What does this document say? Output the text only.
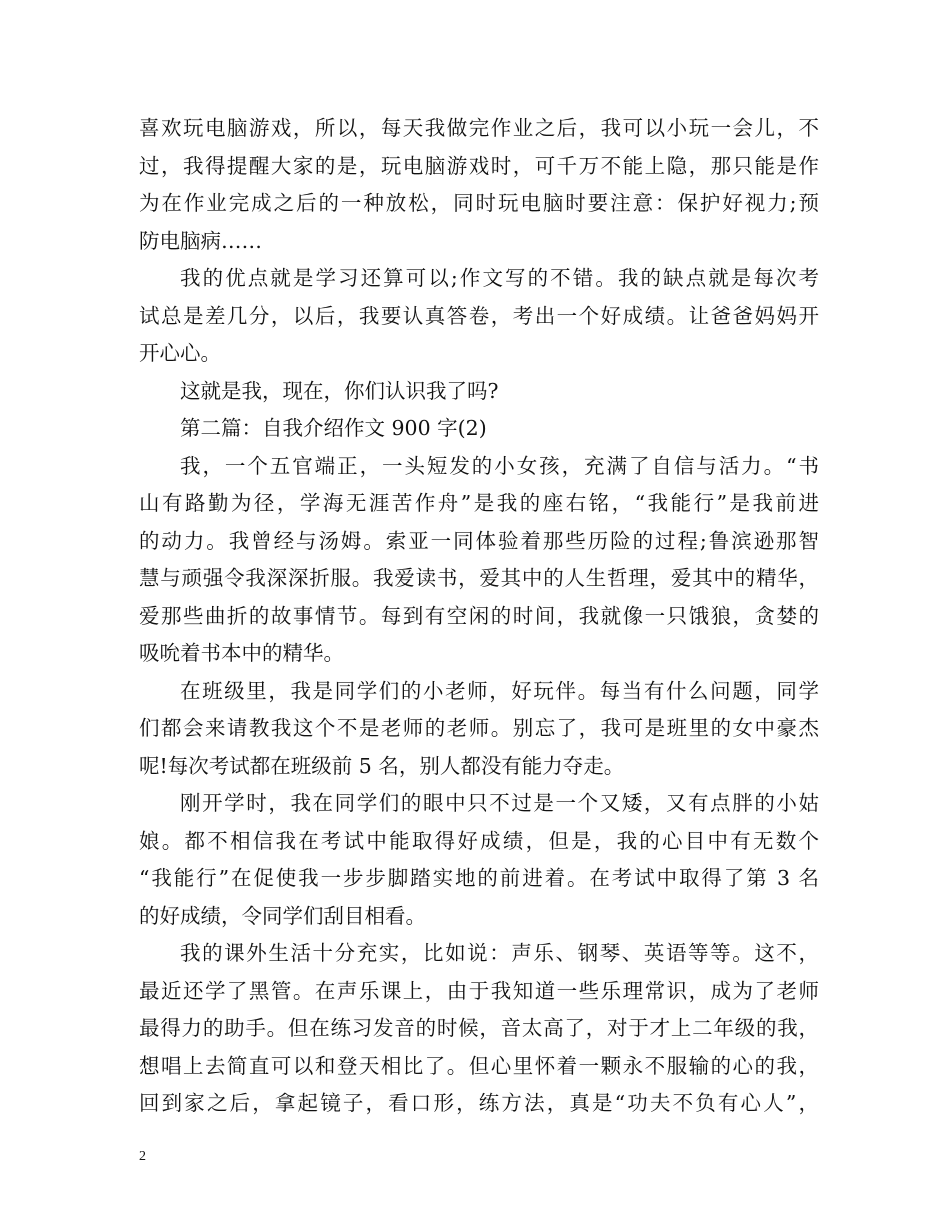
喜欢玩电脑游戏，所以，每天我做完作业之后，我可以小玩一会儿，不
过，我得提醒大家的是，玩电脑游戏时，可千万不能上隐，那只能是作
为在作业完成之后的一种放松，同时玩电脑时要注意：保护好视力;预
防电脑病……
我的优点就是学习还算可以;作文写的不错。我的缺点就是每次考
试总是差几分，以后，我要认真答卷，考出一个好成绩。让爸爸妈妈开
开心心。
这就是我，现在，你们认识我了吗?
第二篇：自我介绍作文 900 字(2)
我，一个五官端正，一头短发的小女孩，充满了自信与活力。“书
山有路勤为径，学海无涯苦作舟”是我的座右铭，“我能行”是我前进
的动力。我曾经与汤姆。索亚一同体验着那些历险的过程;鲁滨逊那智
慧与顽强令我深深折服。我爱读书，爱其中的人生哲理，爱其中的精华，
爱那些曲折的故事情节。每到有空闲的时间，我就像一只饿狼，贪婪的
吸吮着书本中的精华。
在班级里，我是同学们的小老师，好玩伴。每当有什么问题，同学
们都会来请教我这个不是老师的老师。别忘了，我可是班里的女中豪杰
呢!每次考试都在班级前 5 名，别人都没有能力夺走。
刚开学时，我在同学们的眼中只不过是一个又矮，又有点胖的小姑
娘。都不相信我在考试中能取得好成绩，但是，我的心目中有无数个
“我能行”在促使我一步步脚踏实地的前进着。在考试中取得了第 3 名
的好成绩，令同学们刮目相看。
我的课外生活十分充实，比如说：声乐、钢琴、英语等等。这不，
最近还学了黑管。在声乐课上，由于我知道一些乐理常识，成为了老师
最得力的助手。但在练习发音的时候，音太高了，对于才上二年级的我，
想唱上去简直可以和登天相比了。但心里怀着一颗永不服输的心的我，
回到家之后，拿起镜子，看口形，练方法，真是“功夫不负有心人”，
2
